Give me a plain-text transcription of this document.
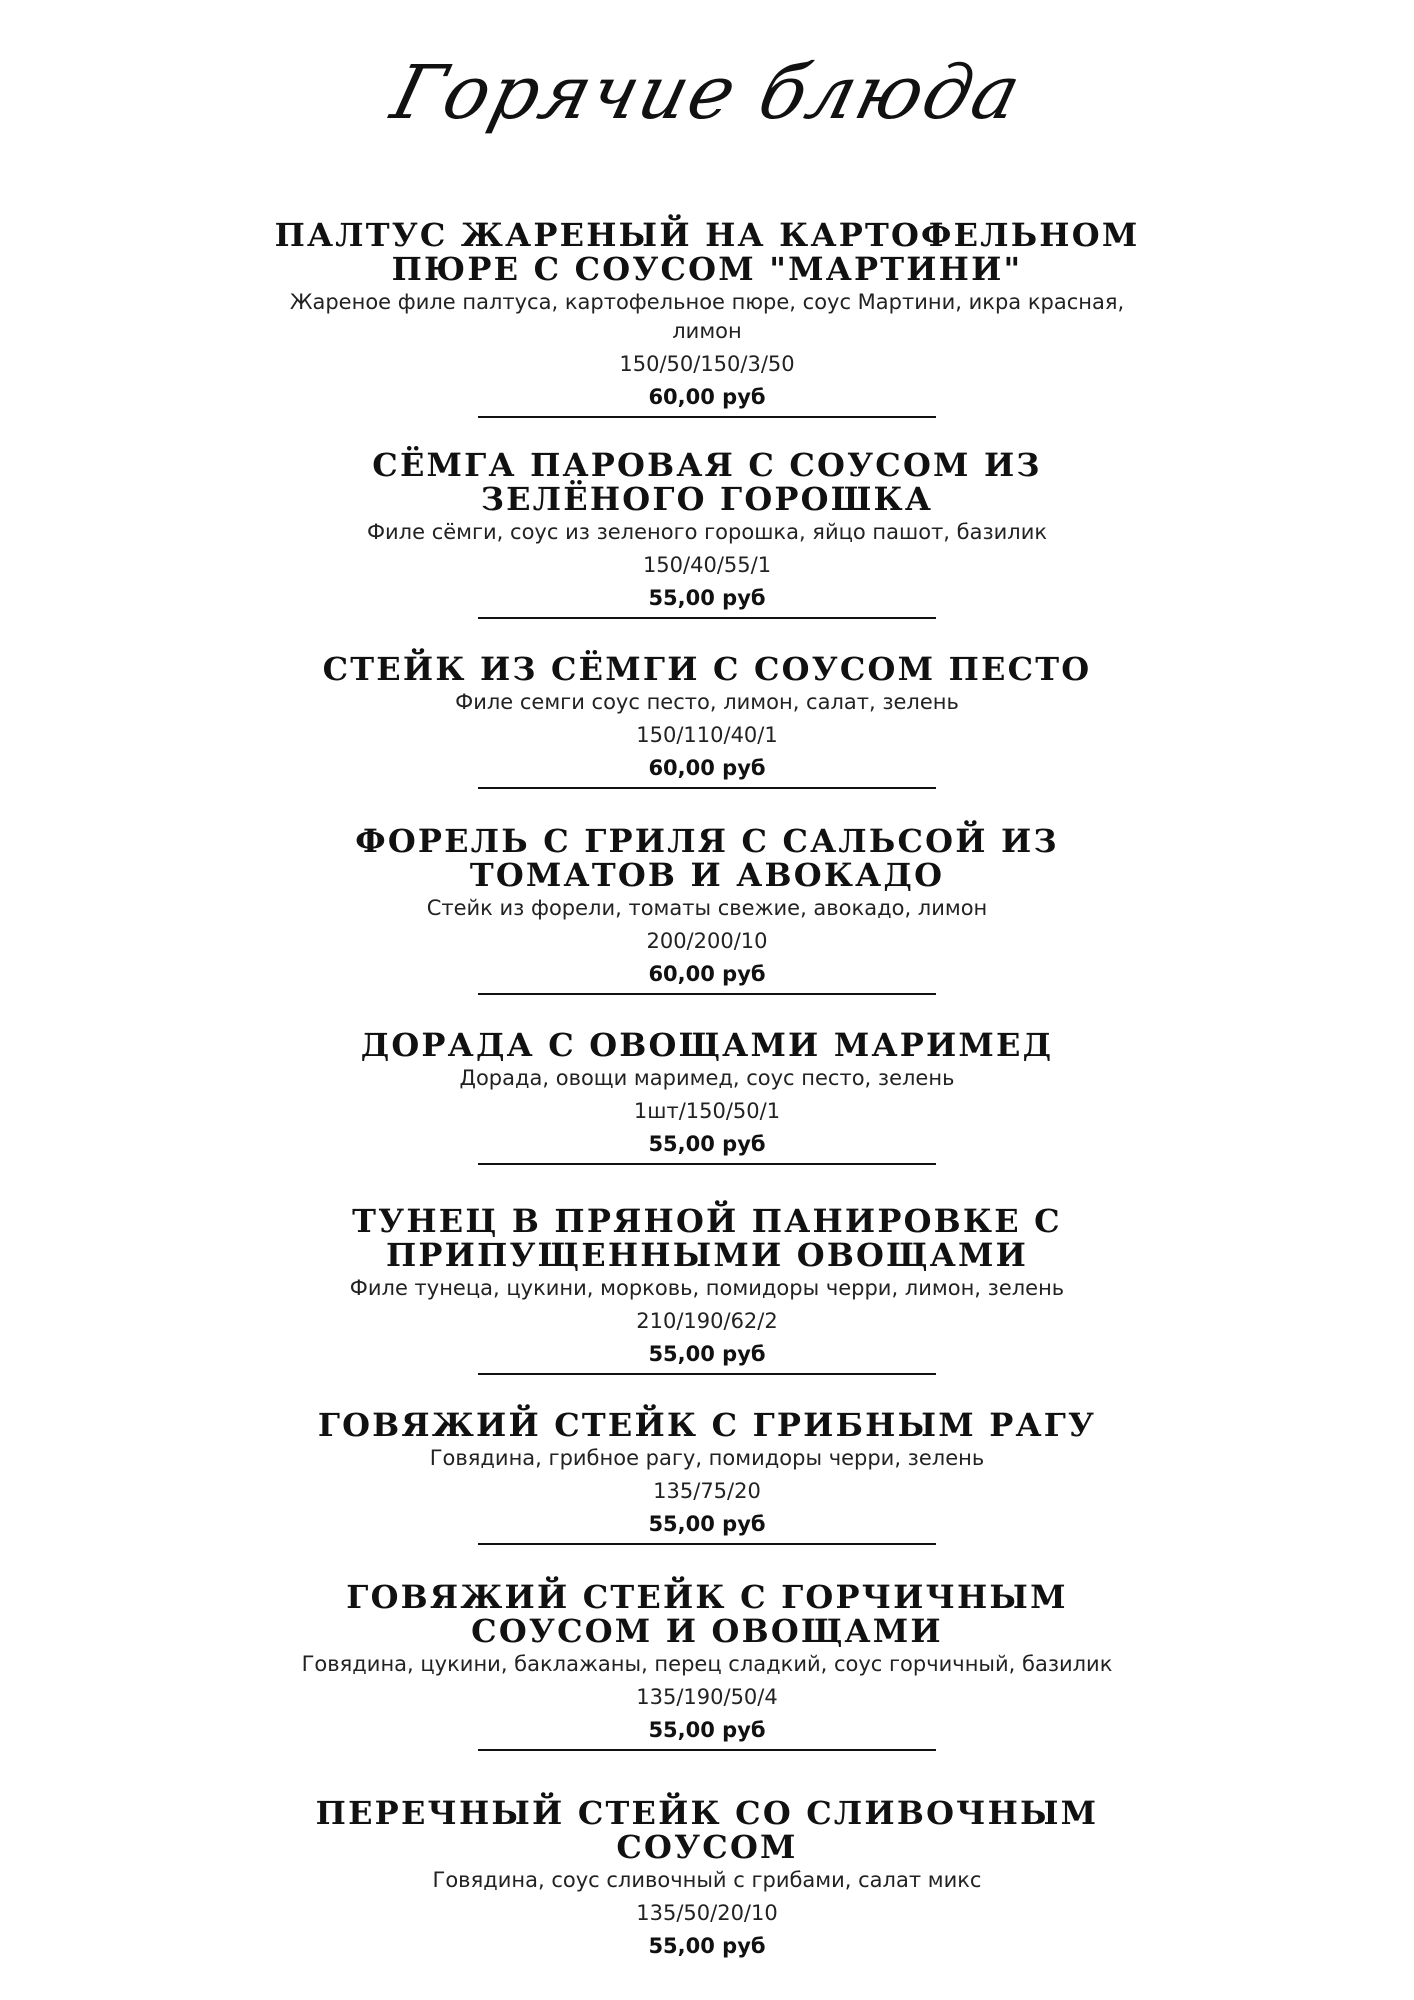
Горячие блюда
ПАЛТУС ЖАРЕНЫЙ НА КАРТОФЕЛЬНОМ ПЮРЕ С СОУСОМ "МАРТИНИ"
Жареное филе палтуса, картофельное пюре, соус Мартини, икра красная, лимон
150/50/150/3/50
60,00 руб
СЁМГА ПАРОВАЯ С СОУСОМ ИЗ ЗЕЛЁНОГО ГОРОШКА
Филе сёмги, соус из зеленого горошка, яйцо пашот, базилик
150/40/55/1
55,00 руб
СТЕЙК ИЗ СЁМГИ С СОУСОМ ПЕСТО
Филе семги соус песто, лимон, салат, зелень
150/110/40/1
60,00 руб
ФОРЕЛЬ С ГРИЛЯ С САЛЬСОЙ ИЗ ТОМАТОВ И АВОКАДО
Стейк из форели, томаты свежие, авокадо, лимон
200/200/10
60,00 руб
ДОРАДА С ОВОЩАМИ МАРИМЕД
Дорада, овощи маримед, соус песто, зелень
1шт/150/50/1
55,00 руб
ТУНЕЦ В ПРЯНОЙ ПАНИРОВКЕ С ПРИПУЩЕННЫМИ ОВОЩАМИ
Филе тунеца, цукини, морковь, помидоры черри, лимон, зелень
210/190/62/2
55,00 руб
ГОВЯЖИЙ СТЕЙК С ГРИБНЫМ РАГУ
Говядина, грибное рагу, помидоры черри, зелень
135/75/20
55,00 руб
ГОВЯЖИЙ СТЕЙК С ГОРЧИЧНЫМ СОУСОМ И ОВОЩАМИ
Говядина, цукини, баклажаны, перец сладкий, соус горчичный, базилик
135/190/50/4
55,00 руб
ПЕРЕЧНЫЙ СТЕЙК СО СЛИВОЧНЫМ СОУСОМ
Говядина, соус сливочный с грибами, салат микс
135/50/20/10
55,00 руб
